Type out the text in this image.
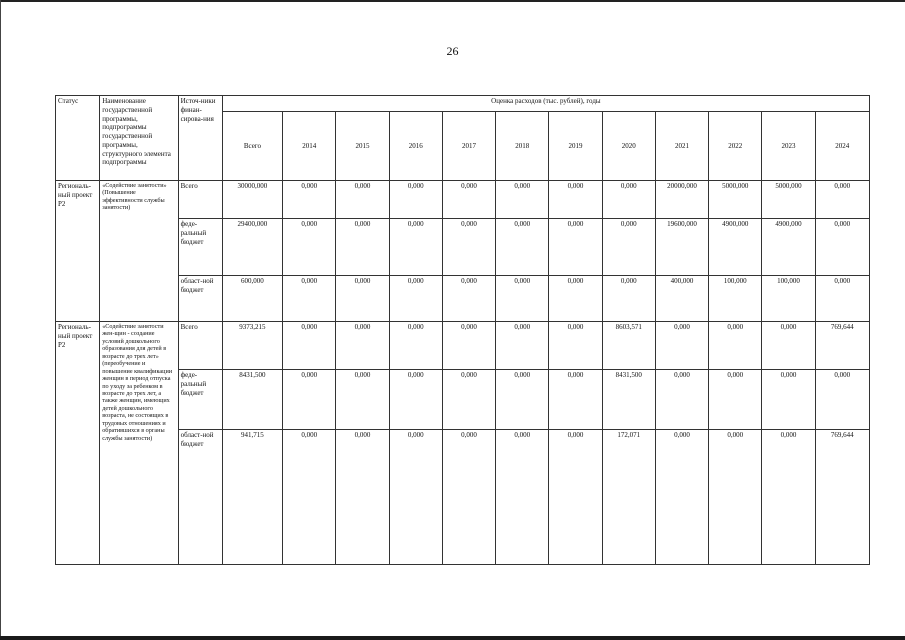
26
Статус	Наименование государственной программы, подпрограммы государственной программы, структурного элемента подпрограммы	Источ-ники финан-сирова-ния	Оценка расходов (тыс. рублей), годы											
			Всего	2014	2015	2016	2017	2018	2019	2020	2021	2022	2023	2024
Региональ-ный проект P2	«Содействие занятости» (Повышение эффективности службы занятости)	Всего	30000,000	0,000	0,000	0,000	0,000	0,000	0,000	0,000	20000,000	5000,000	5000,000	0,000
		феде-ральный бюджет	29400,000	0,000	0,000	0,000	0,000	0,000	0,000	0,000	19600,000	4900,000	4900,000	0,000
		област-ной бюджет	600,000	0,000	0,000	0,000	0,000	0,000	0,000	0,000	400,000	100,000	100,000	0,000
Региональ-ный проект P2	«Содействие занятости жен-щин - создание условий дошкольного образования для детей в возрасте до трех лет» (переобучение и повышение квалификации женщин в период отпуска по уходу за ребенком в возрасте до трех лет, а также женщин, имеющих детей дошкольного возраста, не состоящих в трудовых отношениях и обратившихся в органы службы занятости)	Всего	9373,215	0,000	0,000	0,000	0,000	0,000	0,000	8603,571	0,000	0,000	0,000	769,644
		феде-ральный бюджет	8431,500	0,000	0,000	0,000	0,000	0,000	0,000	8431,500	0,000	0,000	0,000	0,000
		област-ной бюджет	941,715	0,000	0,000	0,000	0,000	0,000	0,000	172,071	0,000	0,000	0,000	769,644
